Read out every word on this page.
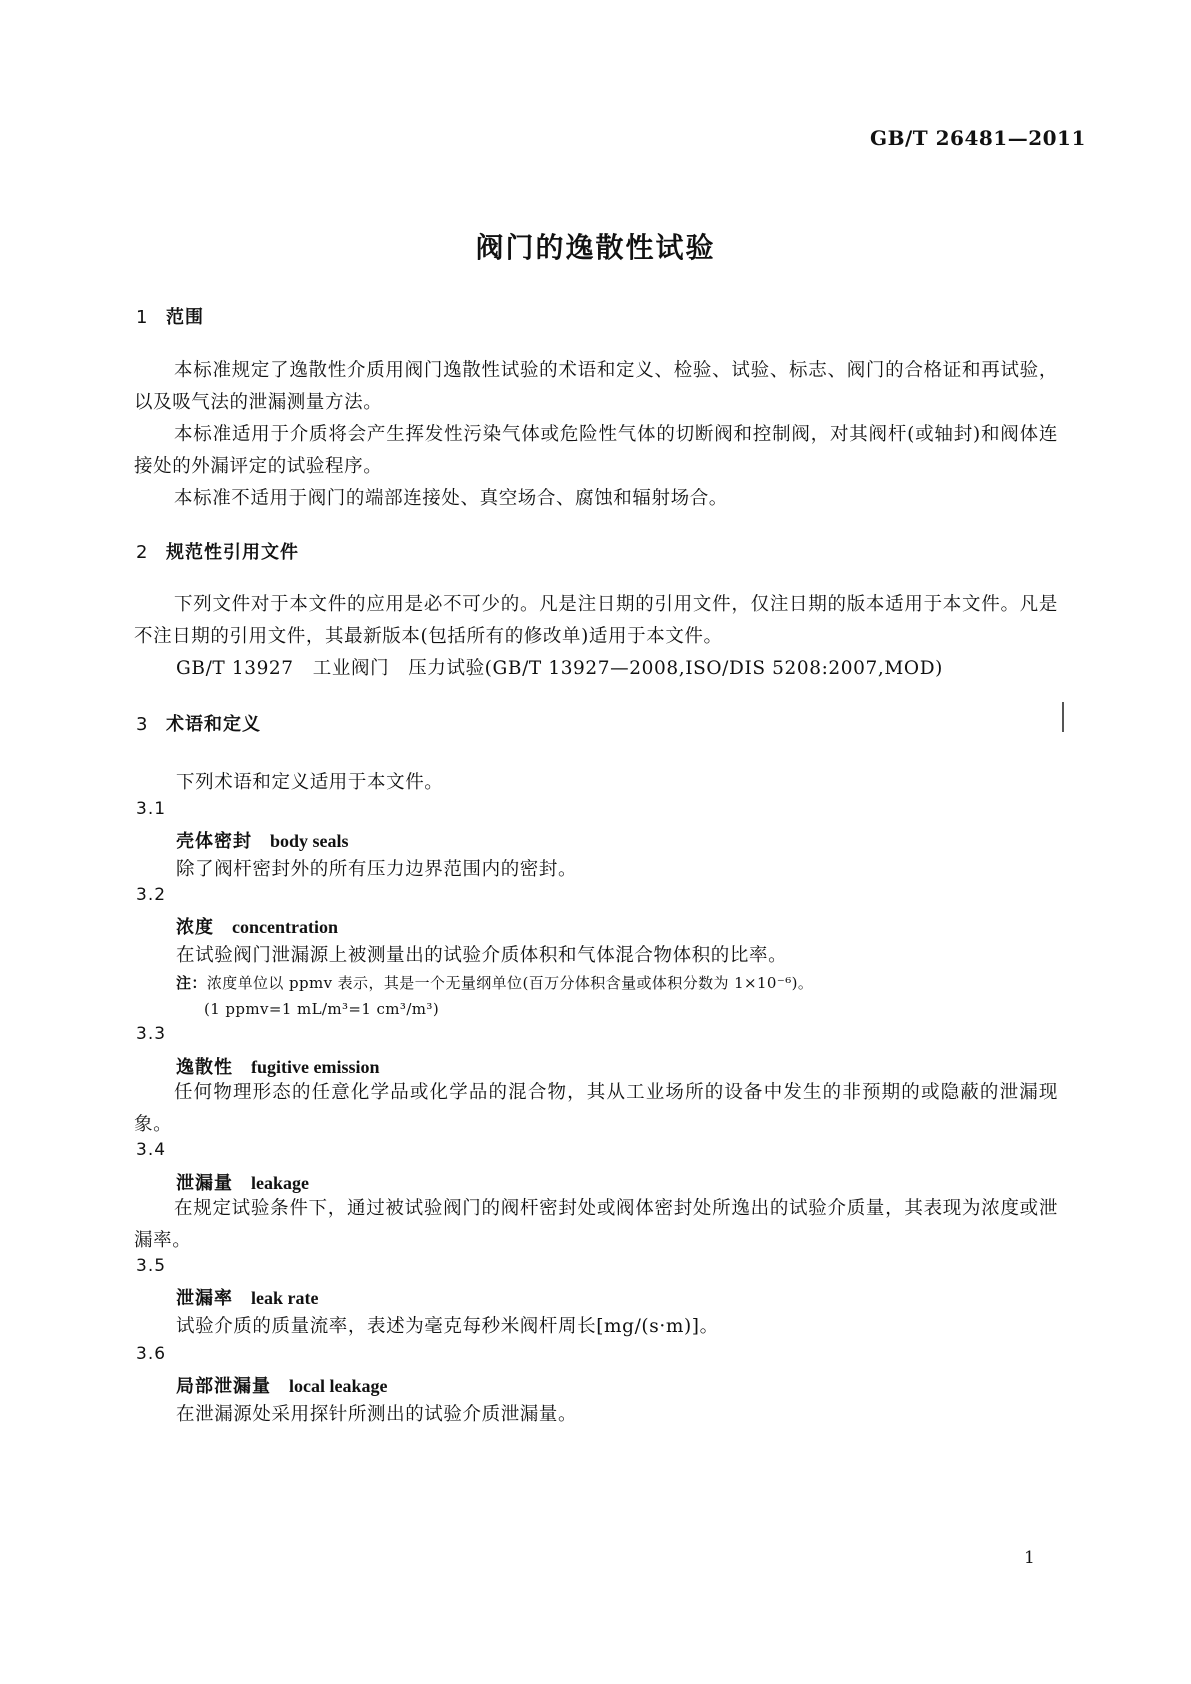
GB/T 26481—2011
阀门的逸散性试验
1 范围
本标准规定了逸散性介质用阀门逸散性试验的术语和定义、检验、试验、标志、阀门的合格证和再试验，以及吸气法的泄漏测量方法。
本标准适用于介质将会产生挥发性污染气体或危险性气体的切断阀和控制阀，对其阀杆(或轴封)和阀体连接处的外漏评定的试验程序。
本标准不适用于阀门的端部连接处、真空场合、腐蚀和辐射场合。
2 规范性引用文件
下列文件对于本文件的应用是必不可少的。凡是注日期的引用文件，仅注日期的版本适用于本文件。凡是不注日期的引用文件，其最新版本(包括所有的修改单)适用于本文件。
GB/T 13927　工业阀门　压力试验(GB/T 13927—2008,ISO/DIS 5208:2007,MOD)
3 术语和定义
下列术语和定义适用于本文件。
3.1
壳体密封 body seals
除了阀杆密封外的所有压力边界范围内的密封。
3.2
浓度 concentration
在试验阀门泄漏源上被测量出的试验介质体积和气体混合物体积的比率。
注：浓度单位以 ppmv 表示，其是一个无量纲单位(百万分体积含量或体积分数为 1×10⁻⁶)。
(1 ppmv=1 mL/m³=1 cm³/m³)
3.3
逸散性 fugitive emission
任何物理形态的任意化学品或化学品的混合物，其从工业场所的设备中发生的非预期的或隐蔽的泄漏现象。
3.4
泄漏量 leakage
在规定试验条件下，通过被试验阀门的阀杆密封处或阀体密封处所逸出的试验介质量，其表现为浓度或泄漏率。
3.5
泄漏率 leak rate
试验介质的质量流率，表述为毫克每秒米阀杆周长[mg/(s·m)]。
3.6
局部泄漏量 local leakage
在泄漏源处采用探针所测出的试验介质泄漏量。
1
